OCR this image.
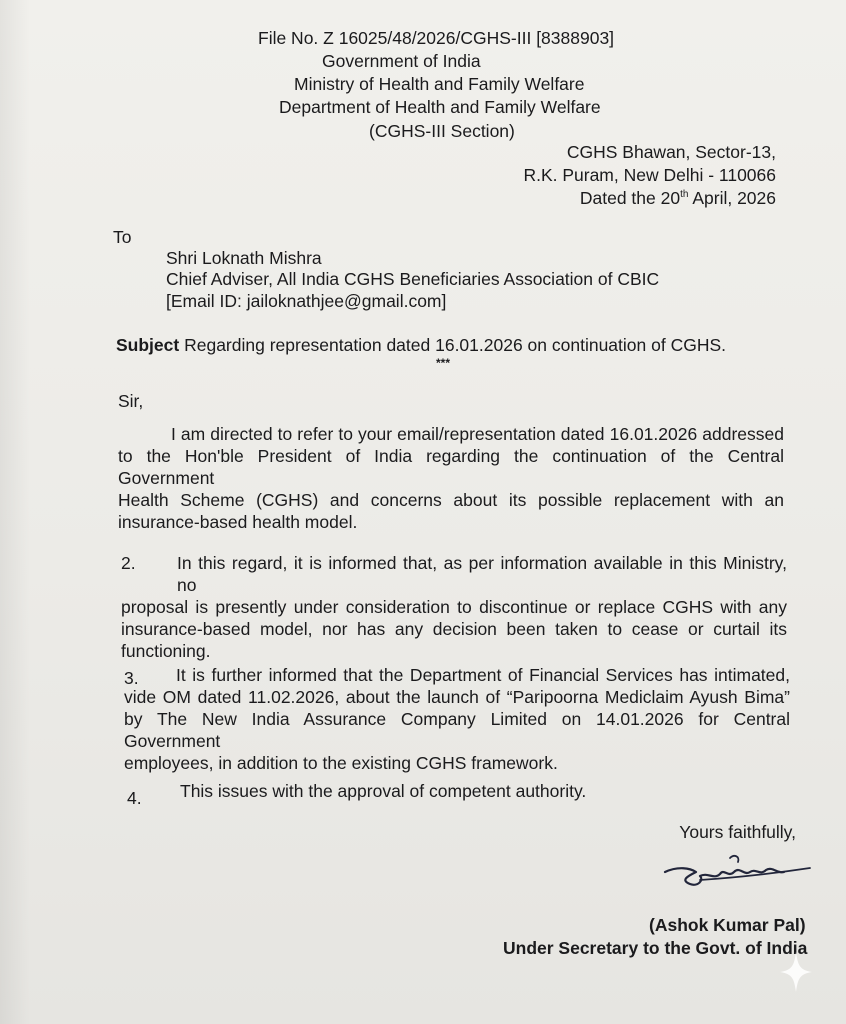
File No. Z 16025/48/2026/CGHS-III [8388903]
Government of India
Ministry of Health and Family Welfare
Department of Health and Family Welfare
(CGHS-III Section)
CGHS Bhawan, Sector-13,
R.K. Puram, New Delhi - 110066
Dated the 20th April, 2026
To
Shri Loknath Mishra
Chief Adviser, All India CGHS Beneficiaries Association of CBIC
[Email ID: jailoknathjee@gmail.com]
Subject Regarding representation dated 16.01.2026 on continuation of CGHS.
***
Sir,
I am directed to refer to your email/representation dated 16.01.2026 addressed
to the Hon'ble President of India regarding the continuation of the Central Government
Health Scheme (CGHS) and concerns about its possible replacement with an
insurance-based health model.
2.	In this regard, it is informed that, as per information available in this Ministry, no
proposal is presently under consideration to discontinue or replace CGHS with any
insurance-based model, nor has any decision been taken to cease or curtail its
functioning.
3.	It is further informed that the Department of Financial Services has intimated,
vide OM dated 11.02.2026, about the launch of “Paripoorna Mediclaim Ayush Bima”
by The New India Assurance Company Limited on 14.01.2026 for Central Government
employees, in addition to the existing CGHS framework.
4. This issues with the approval of competent authority.
Yours faithfully,
(Ashok Kumar Pal)
Under Secretary to the Govt. of India
